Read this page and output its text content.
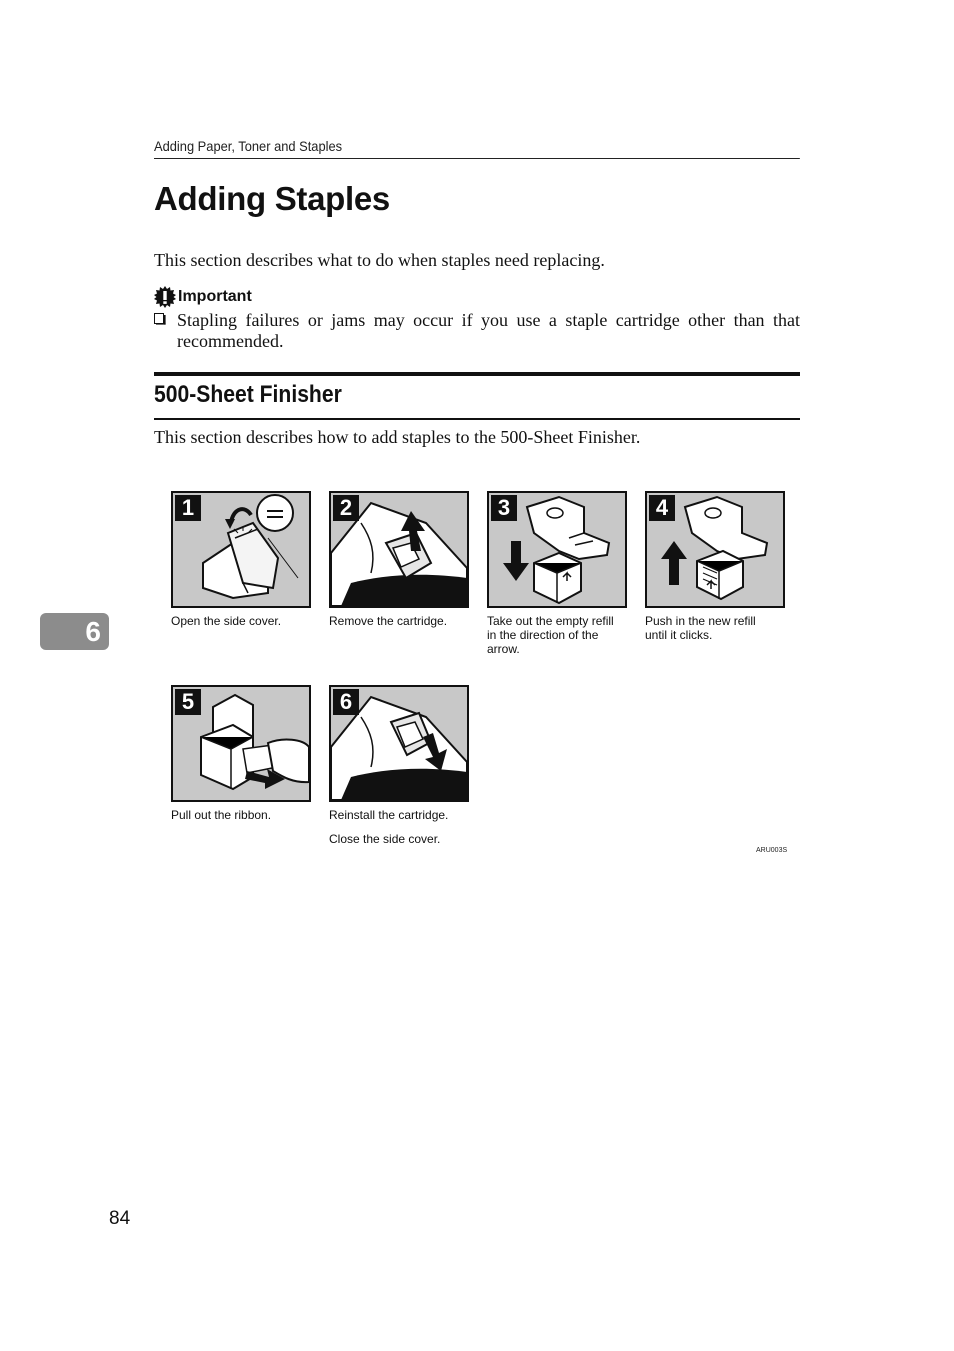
Adding Paper, Toner and Staples
Adding Staples
This section describes what to do when staples need replacing.
Important
Stapling failures or jams may occur if you use a staple cartridge other than that recommended.
500-Sheet Finisher
This section describes how to add staples to the 500-Sheet Finisher.
6
1
Open the side cover.
2
Remove the cartridge.
3
Take out the empty refill
in the direction of the
arrow.
4
Push in the new refill
until it clicks.
5
Pull out the ribbon.
6
Reinstall the cartridge.
Close the side cover.
ARU003S
84
